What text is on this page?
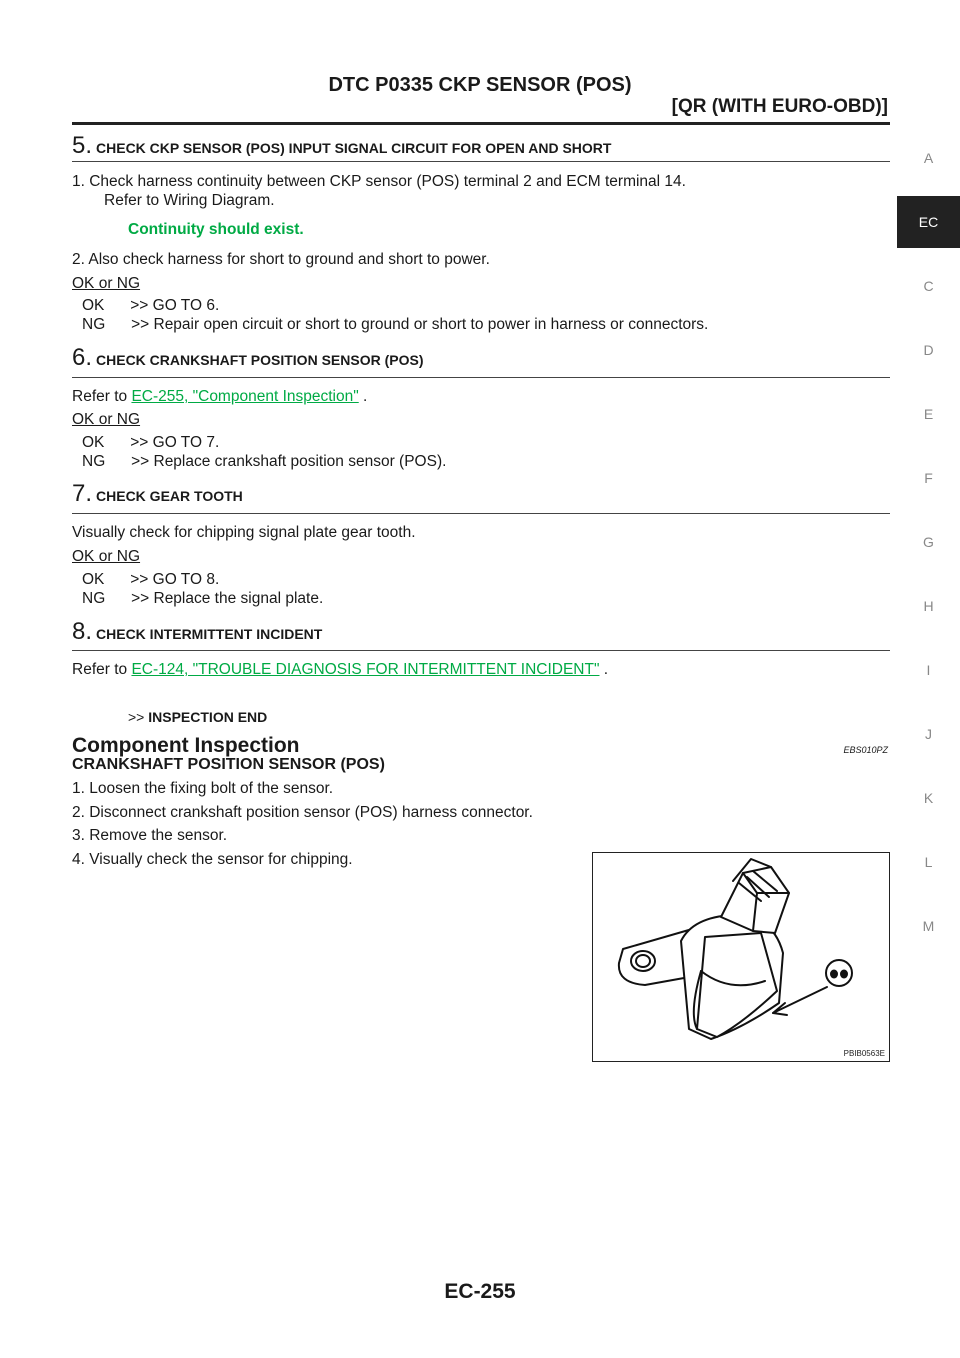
DTC P0335 CKP SENSOR (POS)
[QR (WITH EURO-OBD)]
A
EC
C
D
E
F
G
H
I
J
K
L
M
5. CHECK CKP SENSOR (POS) INPUT SIGNAL CIRCUIT FOR OPEN AND SHORT
1. Check harness continuity between CKP sensor (POS) terminal 2 and ECM terminal 14.
Refer to Wiring Diagram.
Continuity should exist.
2. Also check harness for short to ground and short to power.
OK or NG
OK      >> GO TO 6.
NG      >> Repair open circuit or short to ground or short to power in harness or connectors.
6. CHECK CRANKSHAFT POSITION SENSOR (POS)
Refer to EC-255, "Component Inspection" .
OK or NG
OK      >> GO TO 7.
NG      >> Replace crankshaft position sensor (POS).
7. CHECK GEAR TOOTH
Visually check for chipping signal plate gear tooth.
OK or NG
OK      >> GO TO 8.
NG      >> Replace the signal plate.
8. CHECK INTERMITTENT INCIDENT
Refer to EC-124, "TROUBLE DIAGNOSIS FOR INTERMITTENT INCIDENT" .
>> INSPECTION END
Component Inspection	EBS010PZ
CRANKSHAFT POSITION SENSOR (POS)
1. Loosen the fixing bolt of the sensor.
2. Disconnect crankshaft position sensor (POS) harness connector.
3. Remove the sensor.
4. Visually check the sensor for chipping.
PBIB0563E
EC-255
